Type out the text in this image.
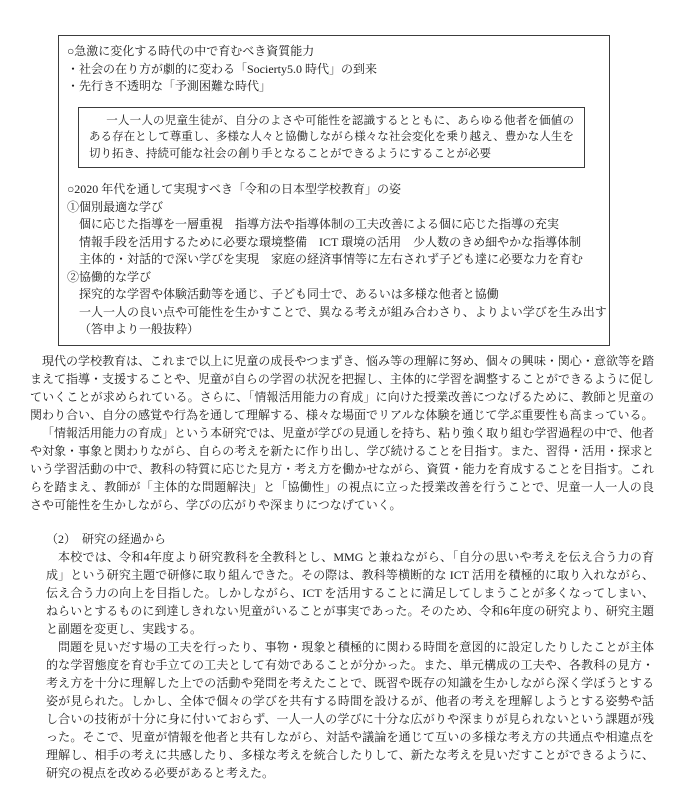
○急激に変化する時代の中で育むべき資質能力

・社会の在り方が劇的に変わる「Socierty5.0 時代」の到来

・先行き不透明な「予測困難な時代」

一人一人の児童生徒が、自分のよさや可能性を認識するとともに、あらゆる他者を価値のある存在として尊重し、多様な人々と協働しながら様々な社会変化を乗り越え、豊かな人生を切り拓き、持続可能な社会の創り手となることができるようにすることが必要

○2020 年代を通して実現すべき「令和の日本型学校教育」の姿

①個別最適な学び

個に応じた指導を一層重視　指導方法や指導体制の工夫改善による個に応じた指導の充実

情報手段を活用するために必要な環境整備　ICT 環境の活用　少人数のきめ細やかな指導体制

主体的・対話的で深い学びを実現　家庭の経済事情等に左右されず子ども達に必要な力を育む

②協働的な学び

探究的な学習や体験活動等を通じ、子ども同士で、あるいは多様な他者と協働

一人一人の良い点や可能性を生かすことで、異なる考えが組み合わさり、よりよい学びを生み出す

（答申より一般抜粋）

現代の学校教育は、これまで以上に児童の成長やつまずき、悩み等の理解に努め、個々の興味・関心・意欲等を踏まえて指導・支援することや、児童が自らの学習の状況を把握し、主体的に学習を調整することができるように促していくことが求められている。さらに、「情報活用能力の育成」に向けた授業改善につなげるために、教師と児童の関わり合い、自分の感覚や行為を通して理解する、様々な場面でリアルな体験を通じて学ぶ重要性も高まっている。

「情報活用能力の育成」という本研究では、児童が学びの見通しを持ち、粘り強く取り組む学習過程の中で、他者や対象・事象と関わりながら、自らの考えを新たに作り出し、学び続けることを目指す。また、習得・活用・探求という学習活動の中で、教科の特質に応じた見方・考え方を働かせながら、資質・能力を育成することを目指す。これらを踏まえ、教師が「主体的な問題解決」と「協働性」の視点に立った授業改善を行うことで、児童一人一人の良さや可能性を生かしながら、学びの広がりや深まりにつなげていく。

（2）　研究の経過から

本校では、令和4年度より研究教科を全教科とし、MMG と兼ねながら、「自分の思いや考えを伝え合う力の育成」という研究主題で研修に取り組んできた。その際は、教科等横断的な ICT 活用を積極的に取り入れながら、伝え合う力の向上を目指した。しかしながら、ICT を活用することに満足してしまうことが多くなってしまい、ねらいとするものに到達しきれない児童がいることが事実であった。そのため、令和6年度の研究より、研究主題と副題を変更し、実践する。

問題を見いだす場の工夫を行ったり、事物・現象と積極的に関わる時間を意図的に設定したりしたことが主体的な学習態度を育む手立ての工夫として有効であることが分かった。また、単元構成の工夫や、各教科の見方・考え方を十分に理解した上での活動や発問を考えたことで、既習や既存の知識を生かしながら深く学ぼうとする姿が見られた。しかし、全体で個々の学びを共有する時間を設けるが、他者の考えを理解しようとする姿勢や話し合いの技術が十分に身に付いておらず、一人一人の学びに十分な広がりや深まりが見られないという課題が残った。そこで、児童が情報を他者と共有しながら、対話や議論を通じて互いの多様な考え方の共通点や相違点を理解し、相手の考えに共感したり、多様な考えを統合したりして、新たな考えを見いだすことができるように、研究の視点を改める必要があると考えた。
